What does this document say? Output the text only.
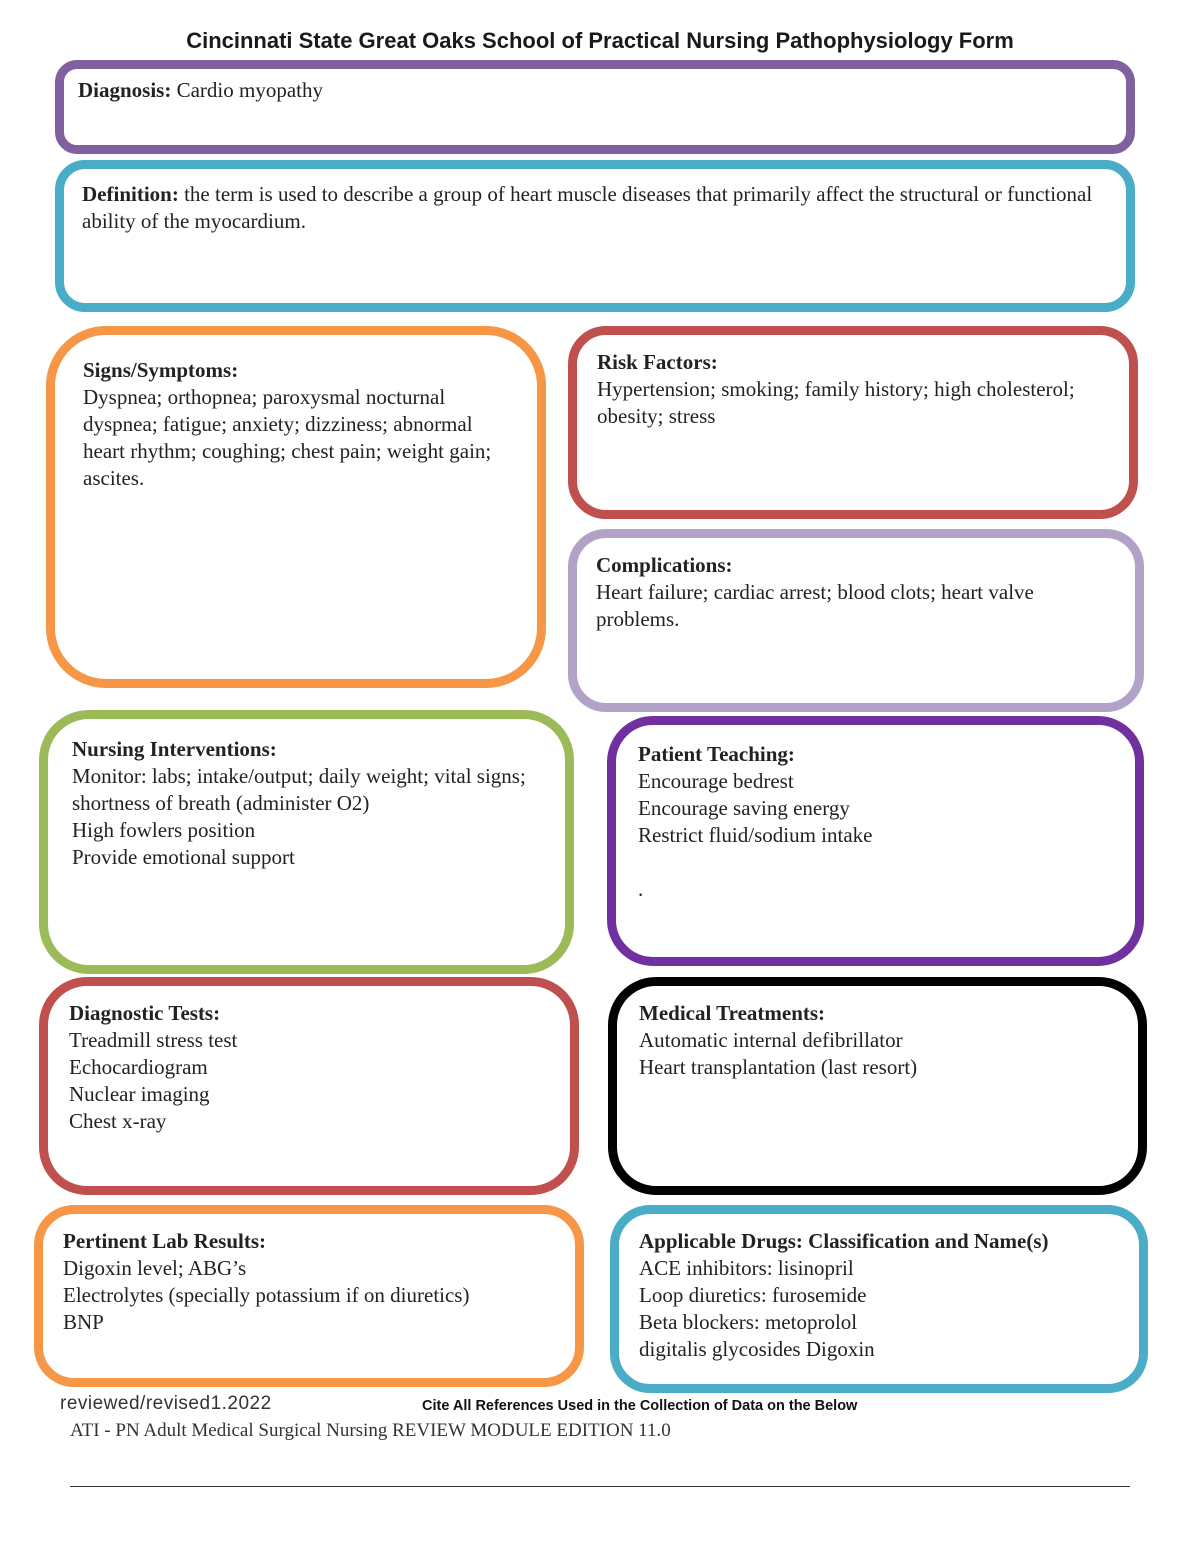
Cincinnati State Great Oaks School of Practical Nursing Pathophysiology Form
Diagnosis: Cardio myopathy
Definition: the term is used to describe a group of heart muscle diseases that primarily affect the structural or functional ability of the myocardium.
Signs/Symptoms:
Dyspnea; orthopnea; paroxysmal nocturnal dyspnea; fatigue; anxiety; dizziness; abnormal heart rhythm; coughing; chest pain; weight gain; ascites.
Risk Factors:
Hypertension; smoking; family history; high cholesterol; obesity; stress
Complications:
Heart failure; cardiac arrest; blood clots; heart valve problems.
Nursing Interventions:
Monitor: labs; intake/output; daily weight; vital signs; shortness of breath (administer O2)
High fowlers position
Provide emotional support
Patient Teaching:
Encourage bedrest
Encourage saving energy
Restrict fluid/sodium intake
.
Diagnostic Tests:
Treadmill stress test
Echocardiogram
Nuclear imaging
Chest x-ray
Medical Treatments:
Automatic internal defibrillator
Heart transplantation (last resort)
Pertinent Lab Results:
Digoxin level; ABG’s
Electrolytes (specially potassium if on diuretics)
BNP
Applicable Drugs: Classification and Name(s)
ACE inhibitors: lisinopril
Loop diuretics: furosemide
Beta blockers: metoprolol
digitalis glycosides Digoxin
reviewed/revised1.2022	Cite All References Used in the Collection of Data on the Below
ATI - PN Adult Medical Surgical Nursing REVIEW MODULE EDITION 11.0
